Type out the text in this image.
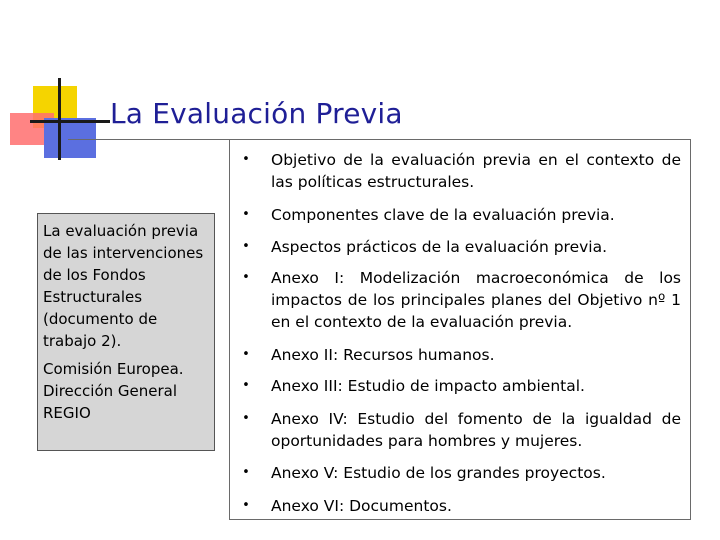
La Evaluación Previa

La evaluación previa de las intervenciones de los Fondos Estructurales (documento de trabajo 2).

Comisión Europea. Dirección General REGIO

• Objetivo de la evaluación previa en el contexto de las políticas estructurales.
• Componentes clave de la evaluación previa.
• Aspectos prácticos de la evaluación previa.
• Anexo I: Modelización macroeconómica de los impactos de los principales planes del Objetivo nº 1 en el contexto de la evaluación previa.
• Anexo II: Recursos humanos.
• Anexo III: Estudio de impacto ambiental.
• Anexo IV: Estudio del fomento de la igualdad de oportunidades para hombres y mujeres.
• Anexo V: Estudio de los grandes proyectos.
• Anexo VI: Documentos.
